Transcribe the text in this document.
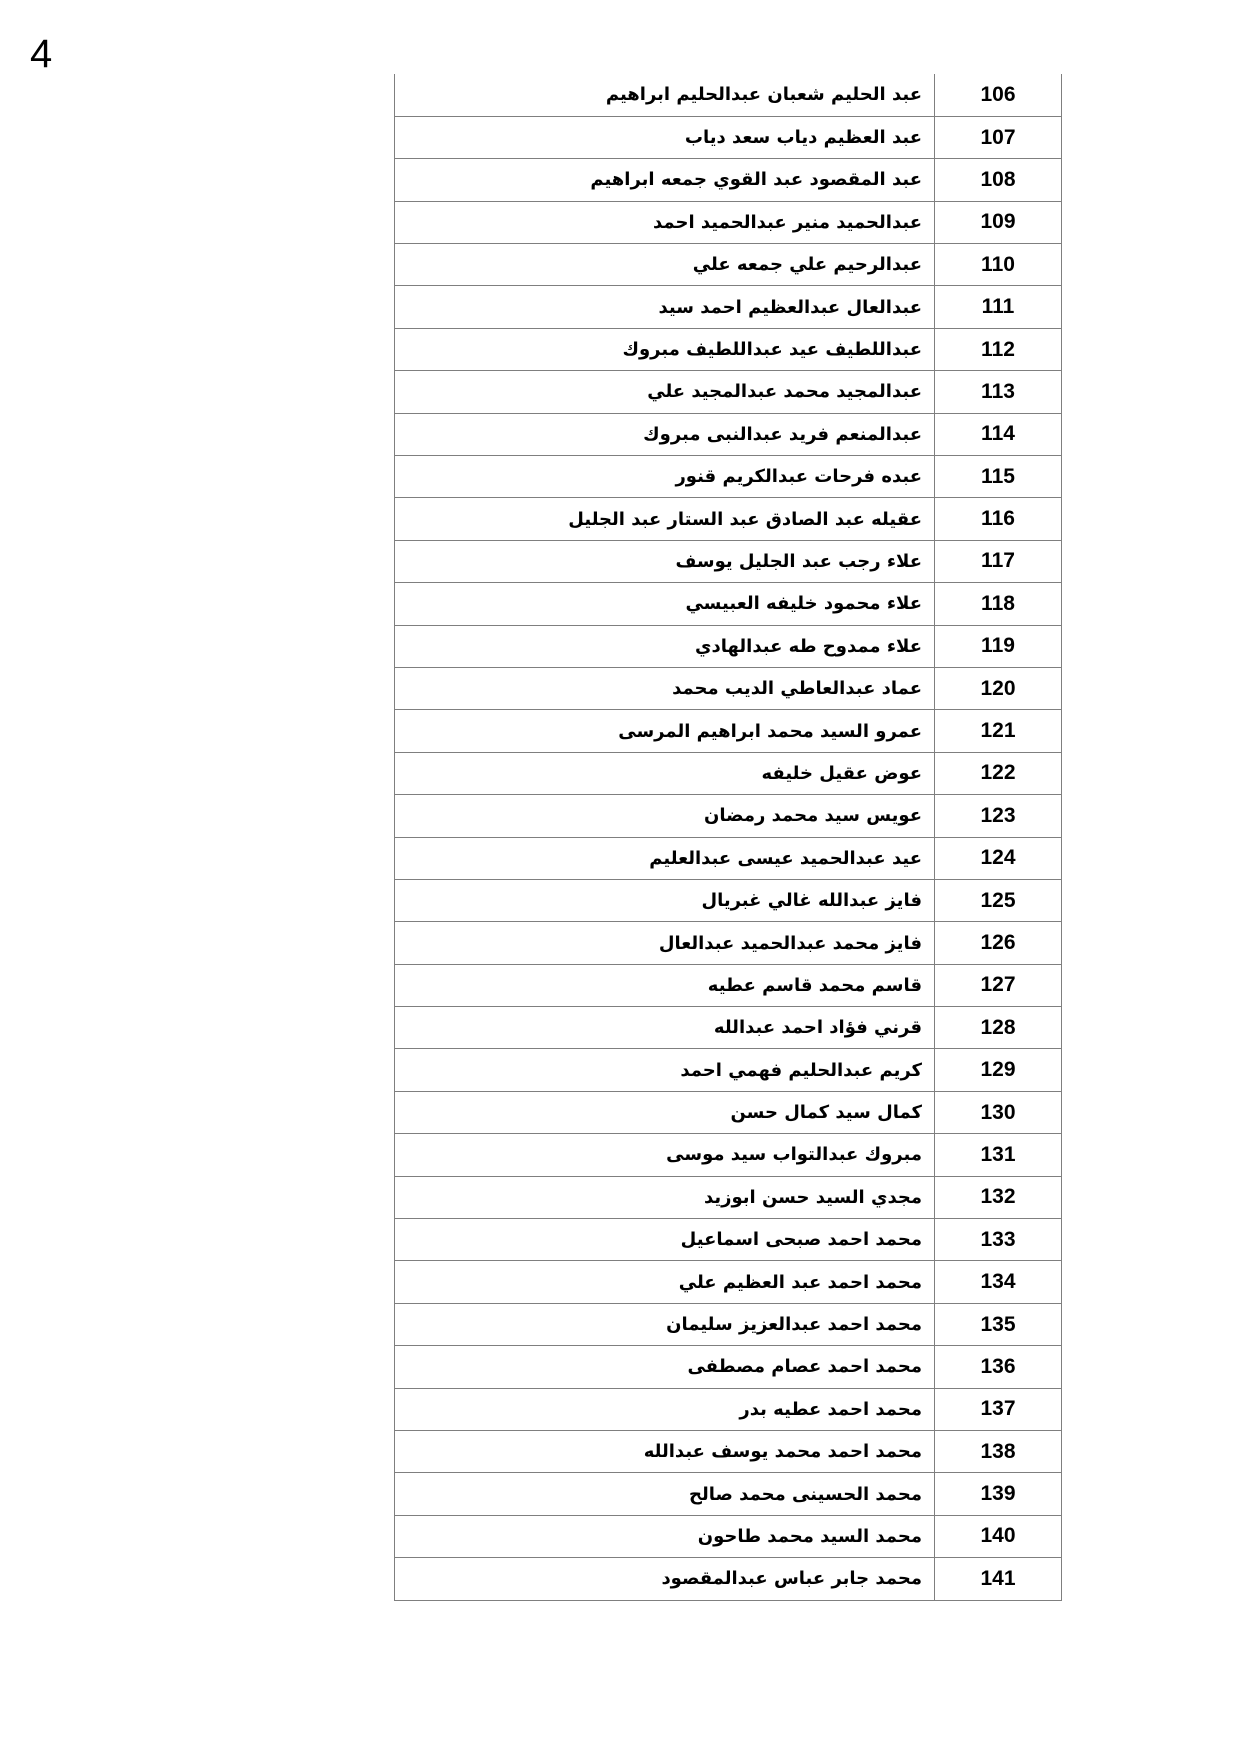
4
عبد الحليم شعبان عبدالحليم ابراهيم	106
عبد العظيم دياب سعد دياب	107
عبد المقصود عبد القوي جمعه ابراهيم	108
عبدالحميد منير عبدالحميد احمد	109
عبدالرحيم علي جمعه علي	110
عبدالعال عبدالعظيم احمد سيد	111
عبداللطيف عيد عبداللطيف مبروك	112
عبدالمجيد محمد عبدالمجيد علي	113
عبدالمنعم فريد عبدالنبى مبروك	114
عبده فرحات عبدالكريم قنور	115
عقيله عبد الصادق عبد الستار عبد الجليل	116
علاء رجب عبد الجليل يوسف	117
علاء محمود خليفه العبيسي	118
علاء ممدوح طه عبدالهادي	119
عماد عبدالعاطي الديب محمد	120
عمرو السيد محمد ابراهيم المرسى	121
عوض عقيل خليفه	122
عويس سيد محمد رمضان	123
عيد عبدالحميد عيسى عبدالعليم	124
فايز عبدالله غالي غبريال	125
فايز محمد عبدالحميد عبدالعال	126
قاسم محمد قاسم عطيه	127
قرني فؤاد احمد عبدالله	128
كريم عبدالحليم فهمي احمد	129
كمال سيد كمال حسن	130
مبروك عبدالتواب سيد موسى	131
مجدي السيد حسن ابوزيد	132
محمد احمد صبحى اسماعيل	133
محمد احمد عبد العظيم علي	134
محمد احمد عبدالعزيز سليمان	135
محمد احمد عصام مصطفى	136
محمد احمد عطيه بدر	137
محمد احمد محمد يوسف عبدالله	138
محمد الحسينى محمد صالح	139
محمد السيد محمد طاحون	140
محمد جابر عباس عبدالمقصود	141
